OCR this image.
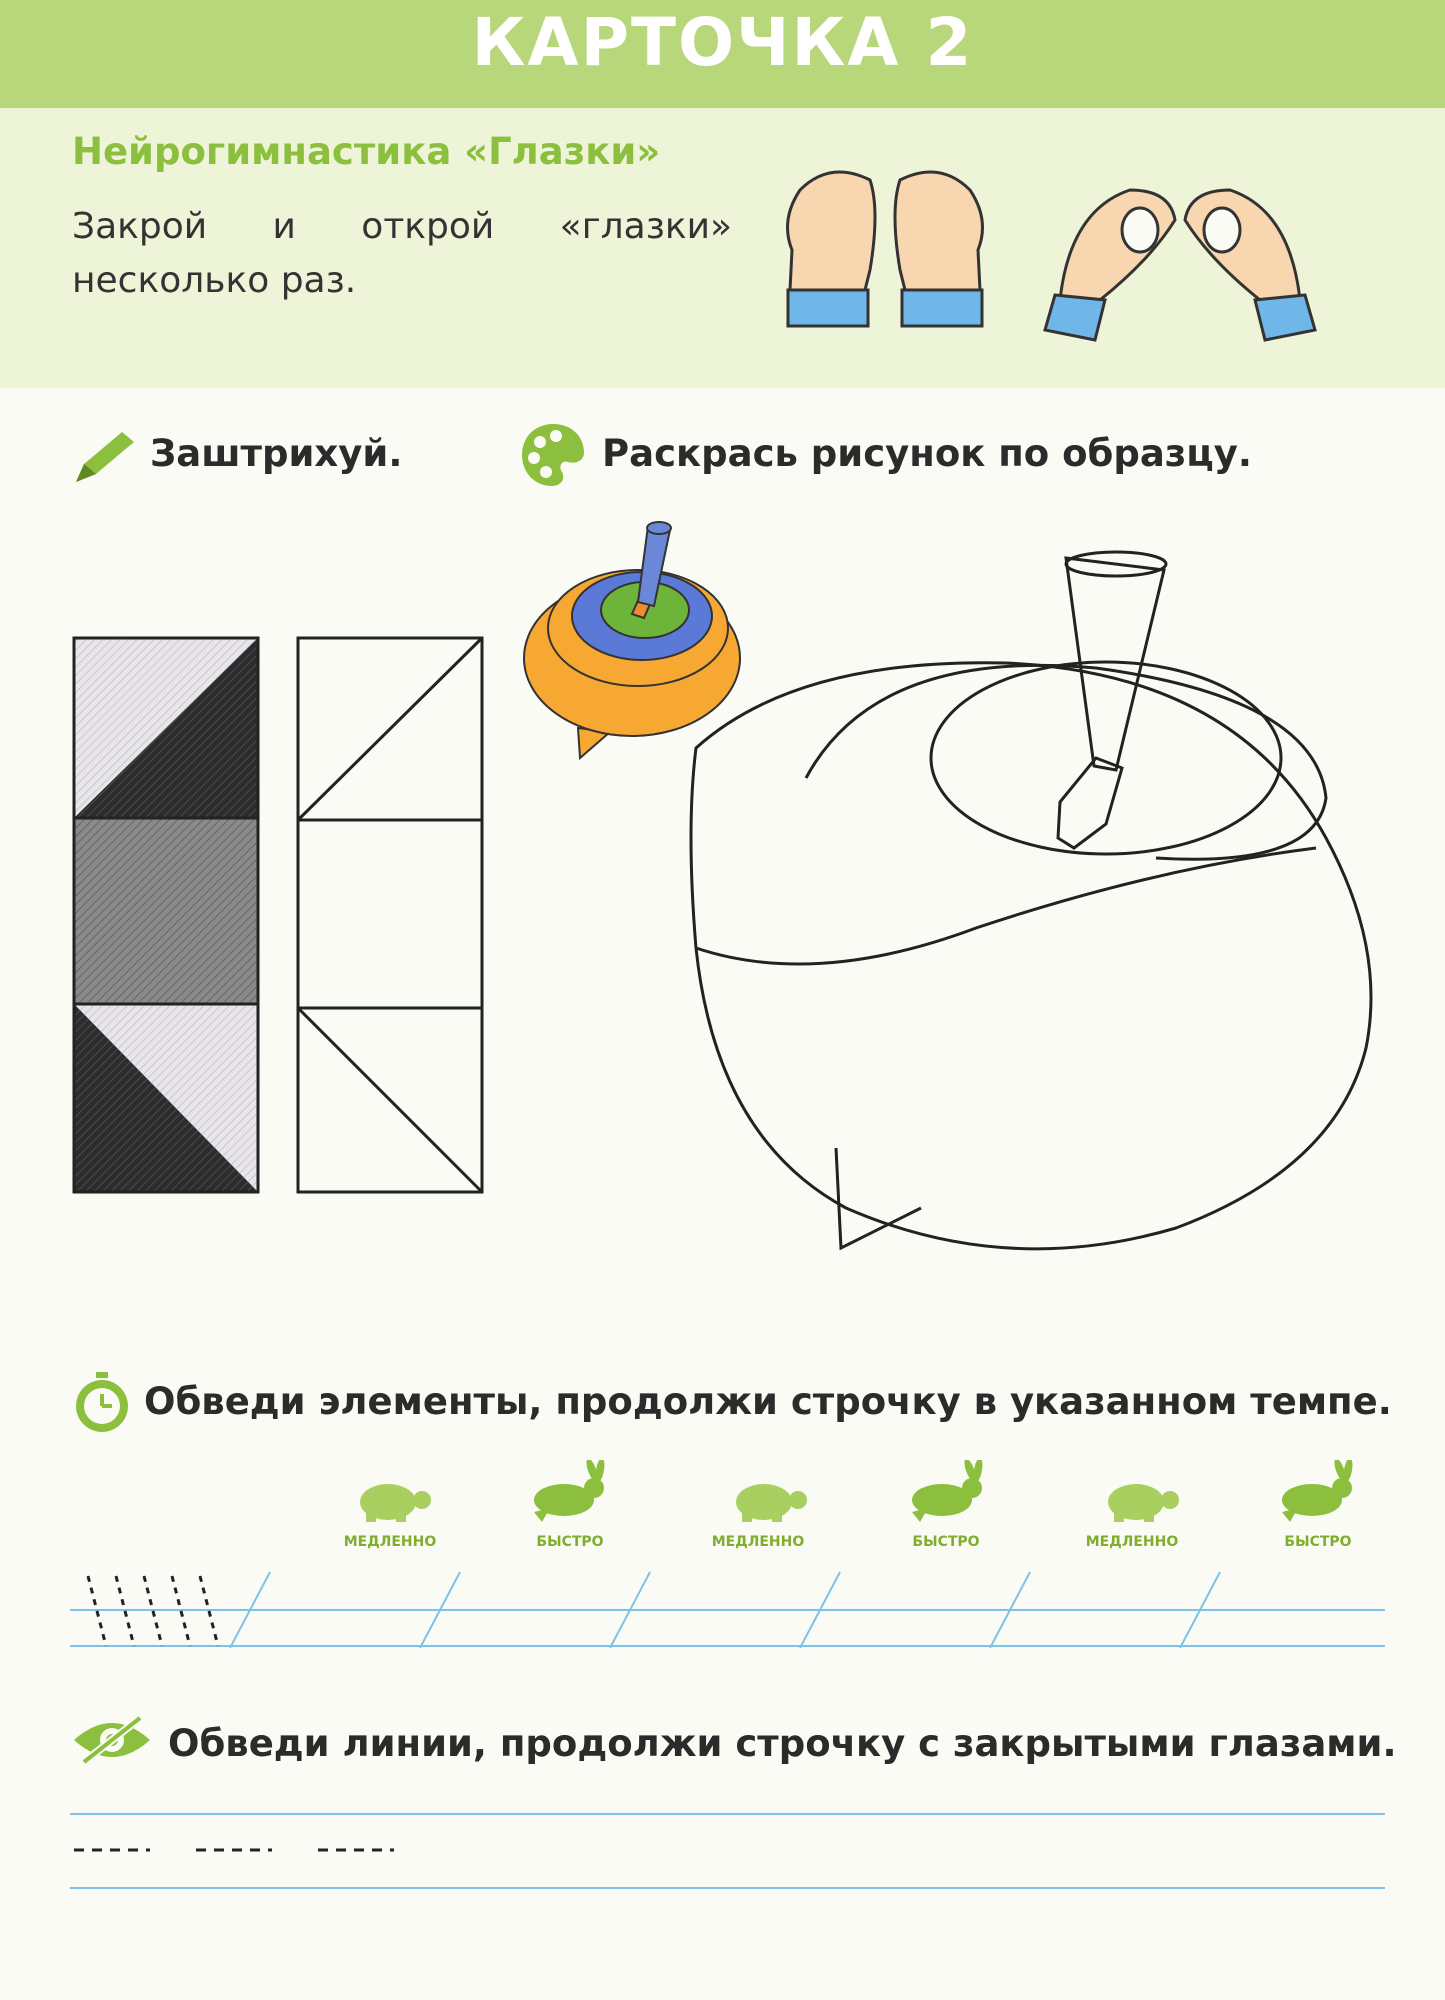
КАРТОЧКА 2
Нейрогимнастика «Глазки»
Закрой и открой «глазки» несколько раз.
Заштрихуй.	Раскрась рисунок по образцу.
Обведи элементы, продолжи строчку в указанном темпе.
МЕДЛЕННО	БЫСТРО	МЕДЛЕННО	БЫСТРО	МЕДЛЕННО	БЫСТРО
Обведи линии, продолжи строчку с закрытыми глазами.
